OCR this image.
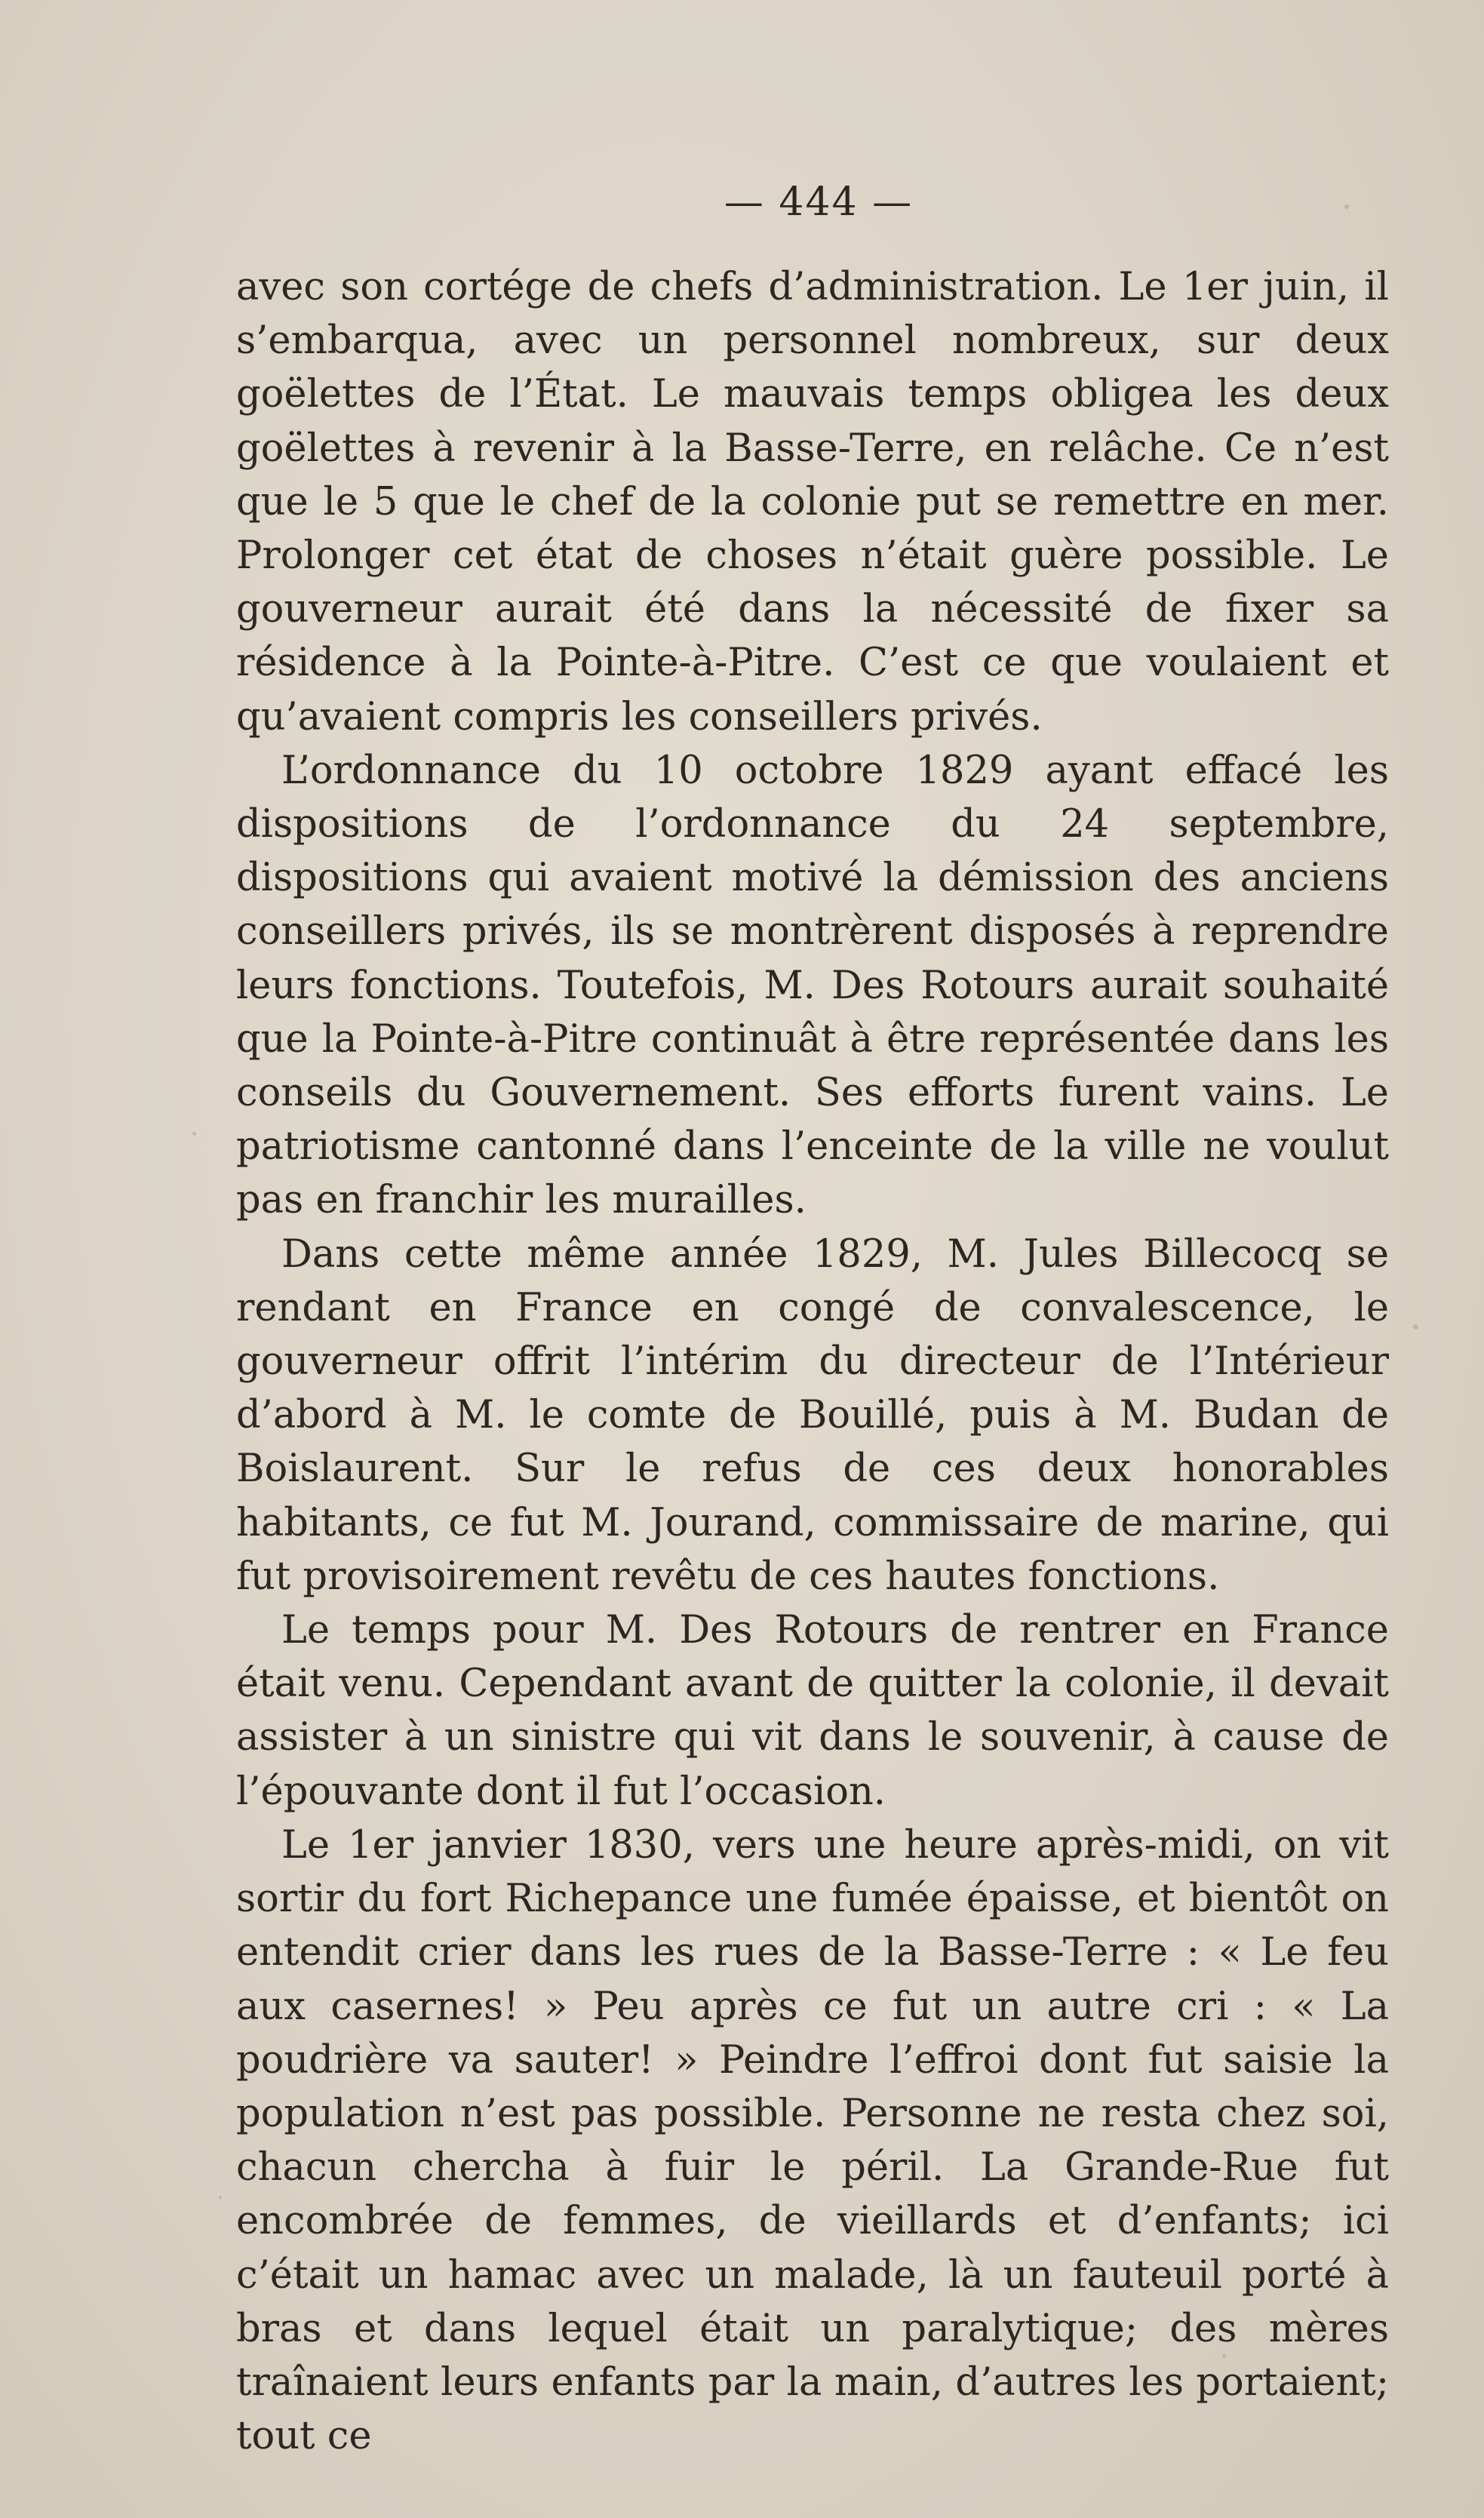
— 444 —

avec son cortége de chefs d’administration. Le 1er juin, il s’embarqua, avec un personnel nombreux, sur deux goëlettes de l’État. Le mauvais temps obligea les deux goëlettes à revenir à la Basse-Terre, en relâche. Ce n’est que le 5 que le chef de la colonie put se remettre en mer. Prolonger cet état de choses n’était guère possible. Le gouverneur aurait été dans la nécessité de fixer sa résidence à la Pointe-à-Pitre. C’est ce que voulaient et qu’avaient compris les conseillers privés.

L’ordonnance du 10 octobre 1829 ayant effacé les dispositions de l’ordonnance du 24 septembre, dispositions qui avaient motivé la démission des anciens conseillers privés, ils se montrèrent disposés à reprendre leurs fonctions. Toutefois, M. Des Rotours aurait souhaité que la Pointe-à-Pitre continuât à être représentée dans les conseils du Gouvernement. Ses efforts furent vains. Le patriotisme cantonné dans l’enceinte de la ville ne voulut pas en franchir les murailles.

Dans cette même année 1829, M. Jules Billecocq se rendant en France en congé de convalescence, le gouverneur offrit l’intérim du directeur de l’Intérieur d’abord à M. le comte de Bouillé, puis à M. Budan de Boislaurent. Sur le refus de ces deux honorables habitants, ce fut M. Jourand, commissaire de marine, qui fut provisoirement revêtu de ces hautes fonctions.

Le temps pour M. Des Rotours de rentrer en France était venu. Cependant avant de quitter la colonie, il devait assister à un sinistre qui vit dans le souvenir, à cause de l’épouvante dont il fut l’occasion.

Le 1er janvier 1830, vers une heure après-midi, on vit sortir du fort Richepance une fumée épaisse, et bientôt on entendit crier dans les rues de la Basse-Terre : « Le feu aux casernes! » Peu après ce fut un autre cri : « La poudrière va sauter! » Peindre l’effroi dont fut saisie la population n’est pas possible. Personne ne resta chez soi, chacun chercha à fuir le péril. La Grande-Rue fut encombrée de femmes, de vieillards et d’enfants; ici c’était un hamac avec un malade, là un fauteuil porté à bras et dans lequel était un paralytique; des mères traînaient leurs enfants par la main, d’autres les portaient; tout ce
